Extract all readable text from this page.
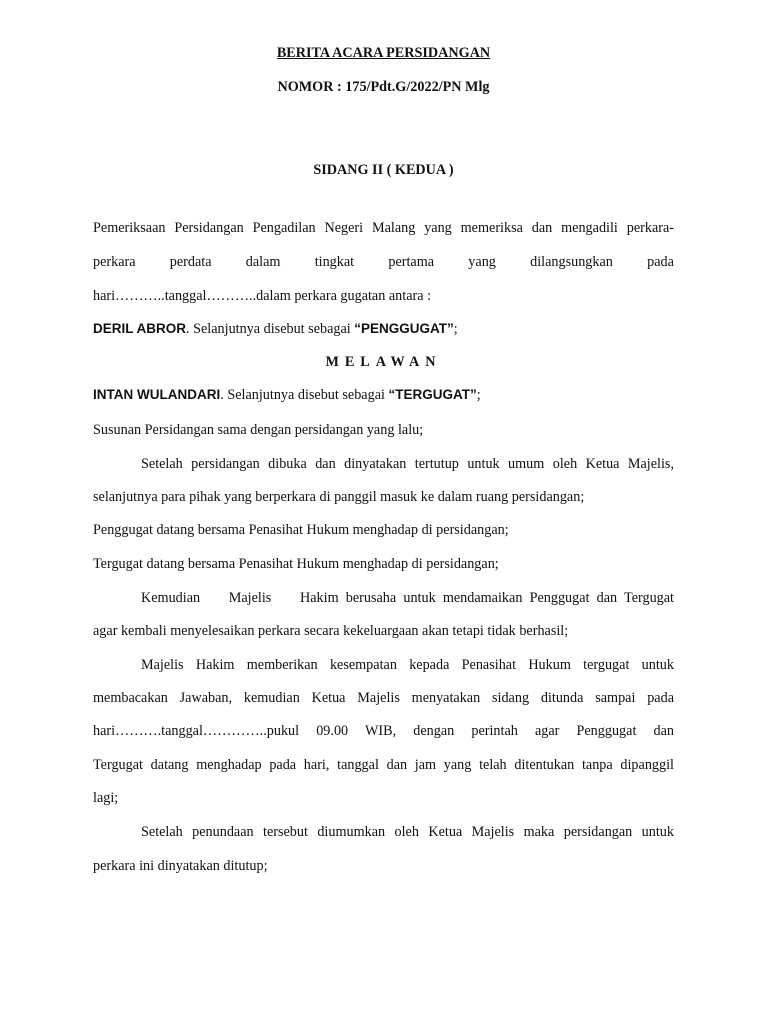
BERITA ACARA PERSIDANGAN
NOMOR : 175/Pdt.G/2022/PN Mlg
SIDANG II ( KEDUA )
Pemeriksaan Persidangan Pengadilan Negeri Malang yang memeriksa dan mengadili perkara-
perkara perdata dalam tingkat pertama yang dilangsungkan pada
hari………..tanggal………..dalam perkara gugatan antara :
DERIL ABROR. Selanjutnya disebut sebagai “PENGGUGAT”;
MELAWAN
INTAN WULANDARI. Selanjutnya disebut sebagai “TERGUGAT”;
Susunan Persidangan sama dengan persidangan yang lalu;
Setelah persidangan dibuka dan dinyatakan tertutup untuk umum oleh Ketua Majelis,
selanjutnya para pihak yang berperkara di panggil masuk ke dalam ruang persidangan;
Penggugat datang bersama Penasihat Hukum menghadap di persidangan;
Tergugat datang bersama Penasihat Hukum menghadap di persidangan;
Kemudian    Majelis    Hakim berusaha untuk mendamaikan Penggugat dan Tergugat
agar kembali menyelesaikan perkara secara kekeluargaan akan tetapi tidak berhasil;
Majelis Hakim memberikan kesempatan kepada Penasihat Hukum tergugat untuk
membacakan Jawaban, kemudian Ketua Majelis menyatakan sidang ditunda sampai pada
hari……….tanggal…………..pukul 09.00 WIB, dengan perintah agar Penggugat dan
Tergugat datang menghadap pada hari, tanggal dan jam yang telah ditentukan tanpa dipanggil
lagi;
Setelah penundaan tersebut diumumkan oleh Ketua Majelis maka persidangan untuk
perkara ini dinyatakan ditutup;
